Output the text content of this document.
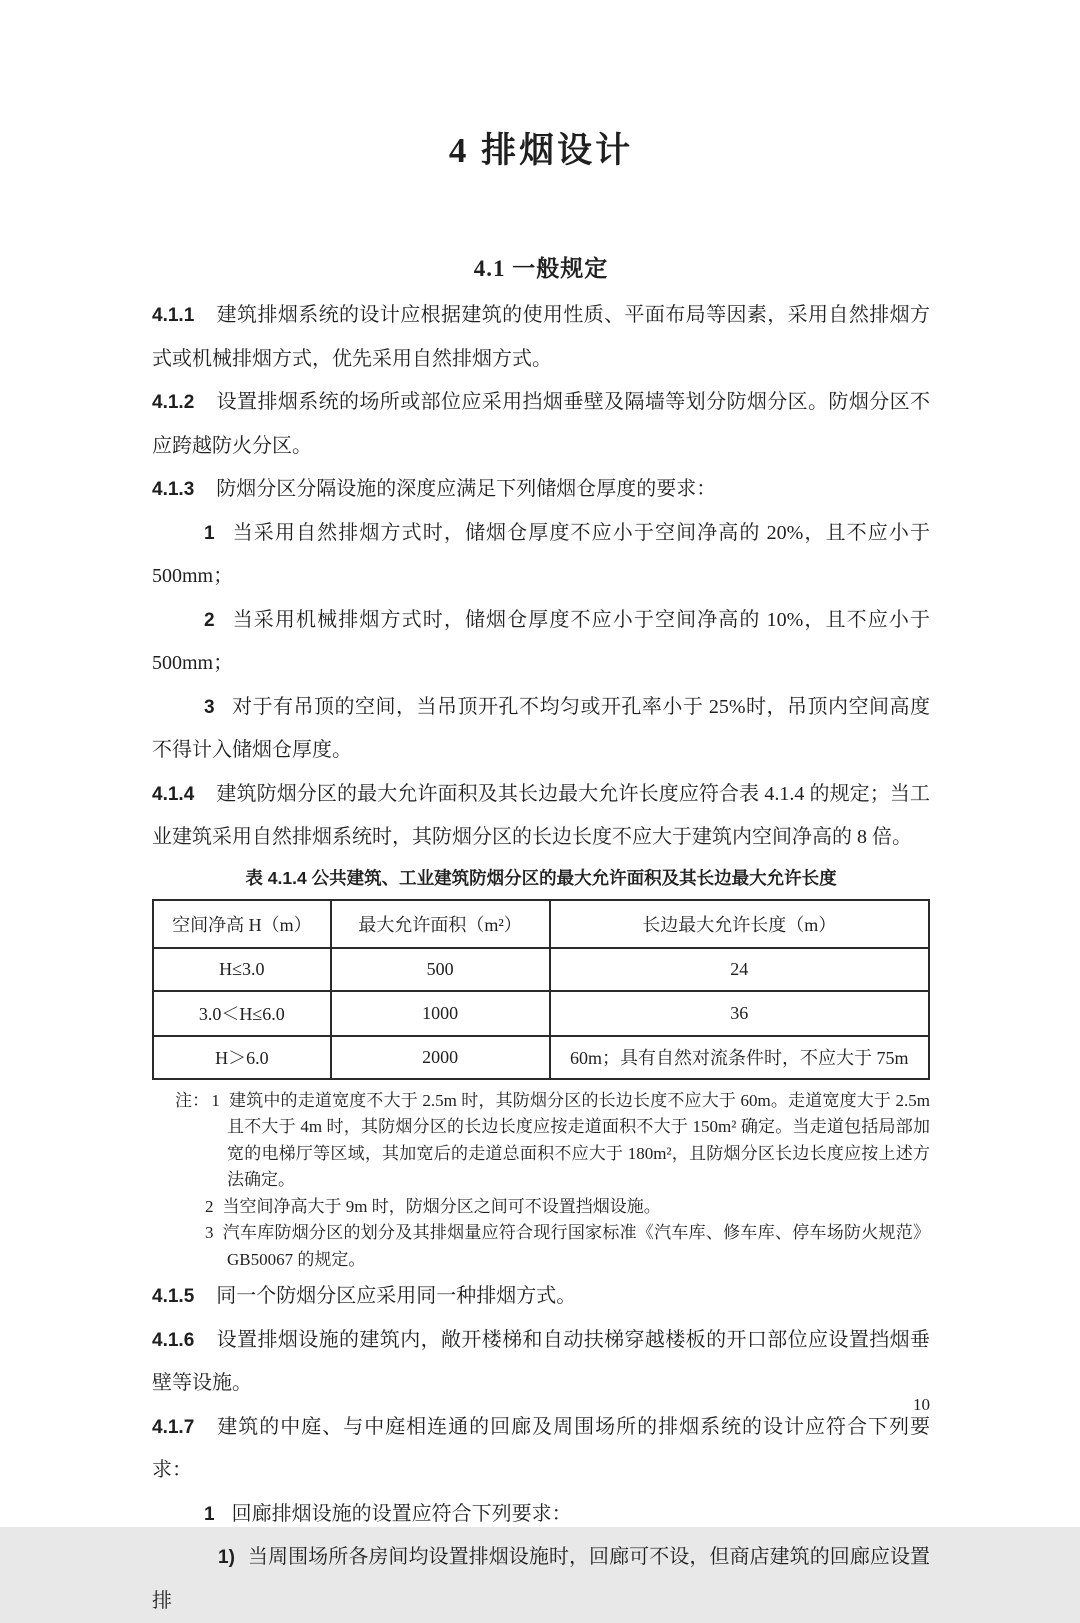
4 排烟设计
4.1 一般规定

4.1.1 建筑排烟系统的设计应根据建筑的使用性质、平面布局等因素，采用自然排烟方式或机械排烟方式，优先采用自然排烟方式。

4.1.2 设置排烟系统的场所或部位应采用挡烟垂壁及隔墙等划分防烟分区。防烟分区不应跨越防火分区。

4.1.3 防烟分区分隔设施的深度应满足下列储烟仓厚度的要求：

1 当采用自然排烟方式时，储烟仓厚度不应小于空间净高的 20%，且不应小于 500mm；

2 当采用机械排烟方式时，储烟仓厚度不应小于空间净高的 10%，且不应小于 500mm；

3 对于有吊顶的空间，当吊顶开孔不均匀或开孔率小于 25%时，吊顶内空间高度不得计入储烟仓厚度。

4.1.4 建筑防烟分区的最大允许面积及其长边最大允许长度应符合表 4.1.4 的规定；当工业建筑采用自然排烟系统时，其防烟分区的长边长度不应大于建筑内空间净高的 8 倍。

表 4.1.4 公共建筑、工业建筑防烟分区的最大允许面积及其长边最大允许长度

空间净高 H（m）	最大允许面积（m²）	长边最大允许长度（m）
H≤3.0	500	24
3.0＜H≤6.0	1000	36
H＞6.0	2000	60m；具有自然对流条件时，不应大于 75m

注： 1 建筑中的走道宽度不大于 2.5m 时，其防烟分区的长边长度不应大于 60m。走道宽度大于 2.5m 且不大于 4m 时，其防烟分区的长边长度应按走道面积不大于 150m² 确定。当走道包括局部加宽的电梯厅等区域，其加宽后的走道总面积不应大于 180m²，且防烟分区长边长度应按上述方法确定。

2 当空间净高大于 9m 时，防烟分区之间可不设置挡烟设施。

3 汽车库防烟分区的划分及其排烟量应符合现行国家标准《汽车库、修车库、停车场防火规范》GB50067 的规定。

4.1.5 同一个防烟分区应采用同一种排烟方式。

4.1.6 设置排烟设施的建筑内，敞开楼梯和自动扶梯穿越楼板的开口部位应设置挡烟垂壁等设施。

4.1.7 建筑的中庭、与中庭相连通的回廊及周围场所的排烟系统的设计应符合下列要求：

1 回廊排烟设施的设置应符合下列要求：

1) 当周围场所各房间均设置排烟设施时，回廊可不设，但商店建筑的回廊应设置排

10
